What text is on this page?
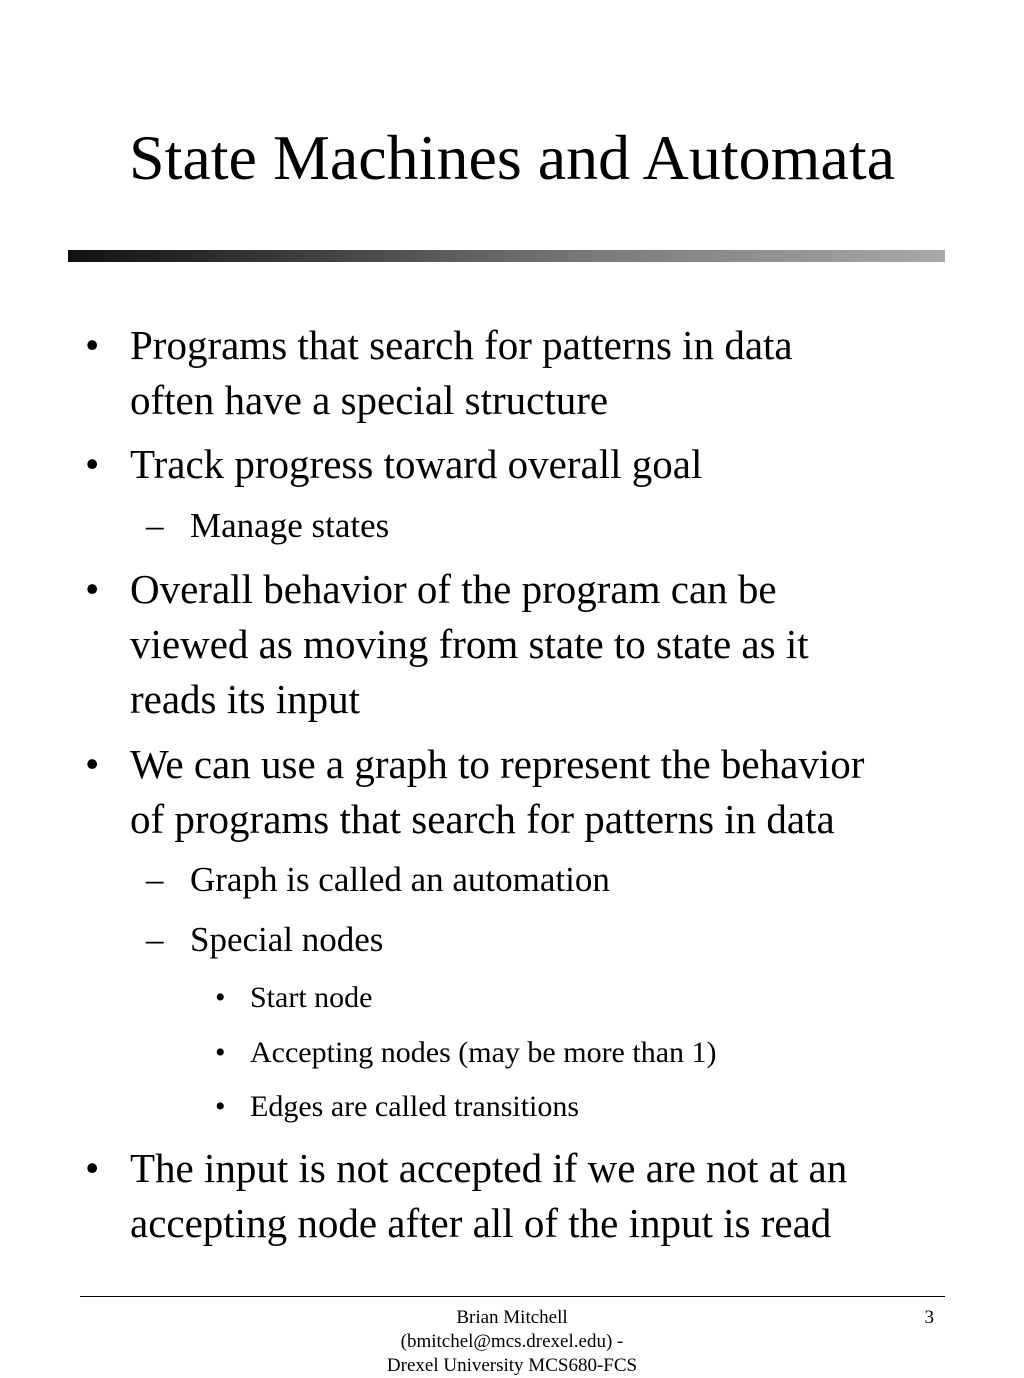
State Machines and Automata
• Programs that search for patterns in data
often have a special structure
• Track progress toward overall goal
– Manage states
• Overall behavior of the program can be
viewed as moving from state to state as it
reads its input
• We can use a graph to represent the behavior
of programs that search for patterns in data
– Graph is called an automation
– Special nodes
• Start node
• Accepting nodes (may be more than 1)
• Edges are called transitions
• The input is not accepted if we are not at an
accepting node after all of the input is read
Brian Mitchell
(bmitchel@mcs.drexel.edu) -
Drexel University MCS680-FCS
3
